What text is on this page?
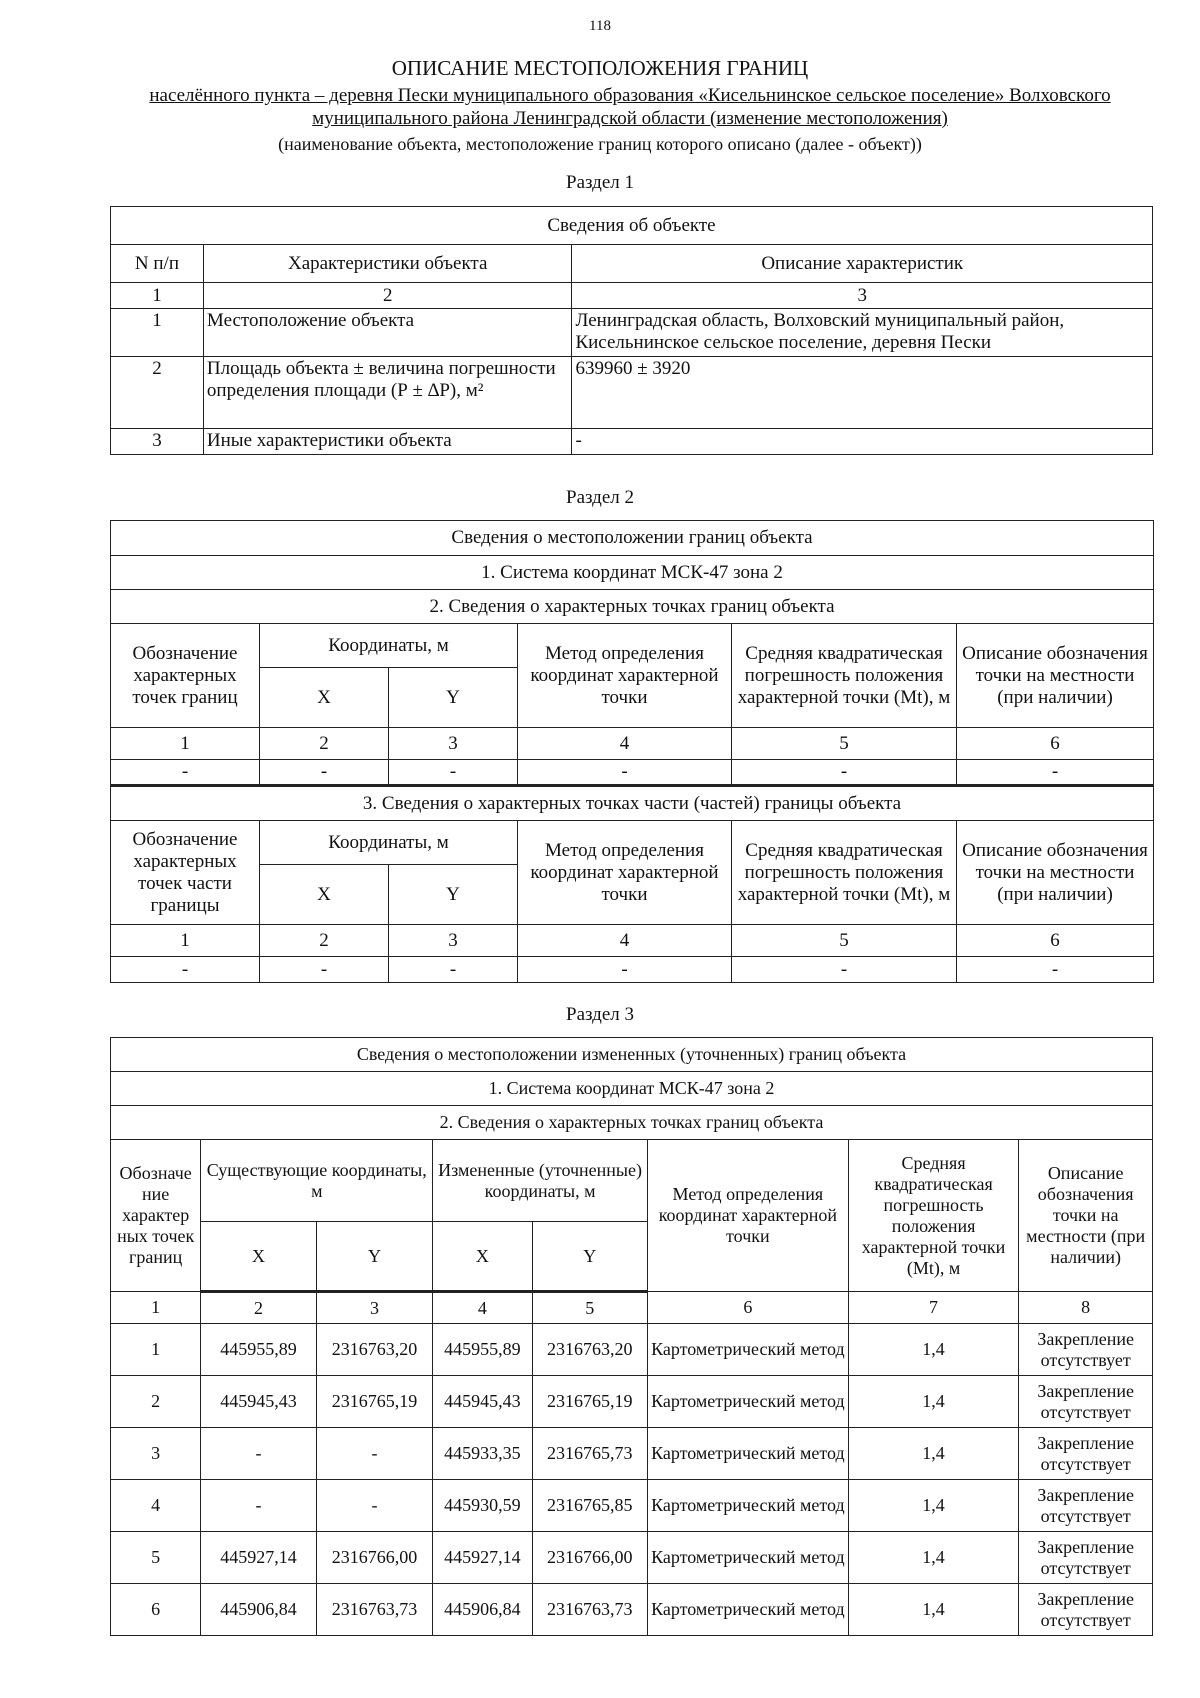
118
ОПИСАНИЕ МЕСТОПОЛОЖЕНИЯ ГРАНИЦ
населённого пункта – деревня Пески муниципального образования «Кисельнинское сельское поселение» Волховского муниципального района Ленинградской области (изменение местоположения)
(наименование объекта, местоположение границ которого описано (далее - объект))
Раздел 1
Сведения об объекте		
N п/п	Характеристики объекта	Описание характеристик
1	2	3
1	Местоположение объекта	Ленинградская область, Волховский муниципальный район, Кисельнинское сельское поселение, деревня Пески
2	Площадь объекта ± величина погрешности определения площади (Р ± ∆Р), м²	639960 ± 3920
3	Иные характеристики объекта	-
Раздел 2
Сведения о местоположении границ объекта					
1. Система координат МСК-47 зона 2					
2. Сведения о характерных точках границ объекта					
Обозначение характерных точек границ	Координаты, м		Метод определения координат характерной точки	Средняя квадратическая погрешность положения характерной точки (Mt), м	Описание обозначения точки на местности (при наличии)
	X	Y			
1	2	3	4	5	6
-	-	-	-	-	-
3. Сведения о характерных точках части (частей) границы объекта					
Обозначение характерных точек части границы	Координаты, м		Метод определения координат характерной точки	Средняя квадратическая погрешность положения характерной точки (Mt), м	Описание обозначения точки на местности (при наличии)
	X	Y			
1	2	3	4	5	6
-	-	-	-	-	-
Раздел 3
Сведения о местоположении измененных (уточненных) границ объекта							
1. Система координат МСК-47 зона 2							
2. Сведения о характерных точках границ объекта							
Обозначе ние характер ных точек границ	Существующие координаты, м		Измененные (уточненные) координаты, м		Метод определения координат характерной точки	Средняя квадратическая погрешность положения характерной точки (Mt), м	Описание обозначения точки на местности (при наличии)
	X	Y	X	Y			
1	2	3	4	5	6	7	8
1	445955,89	2316763,20	445955,89	2316763,20	Картометрический метод	1,4	Закрепление отсутствует
2	445945,43	2316765,19	445945,43	2316765,19	Картометрический метод	1,4	Закрепление отсутствует
3	-	-	445933,35	2316765,73	Картометрический метод	1,4	Закрепление отсутствует
4	-	-	445930,59	2316765,85	Картометрический метод	1,4	Закрепление отсутствует
5	445927,14	2316766,00	445927,14	2316766,00	Картометрический метод	1,4	Закрепление отсутствует
6	445906,84	2316763,73	445906,84	2316763,73	Картометрический метод	1,4	Закрепление отсутствует
